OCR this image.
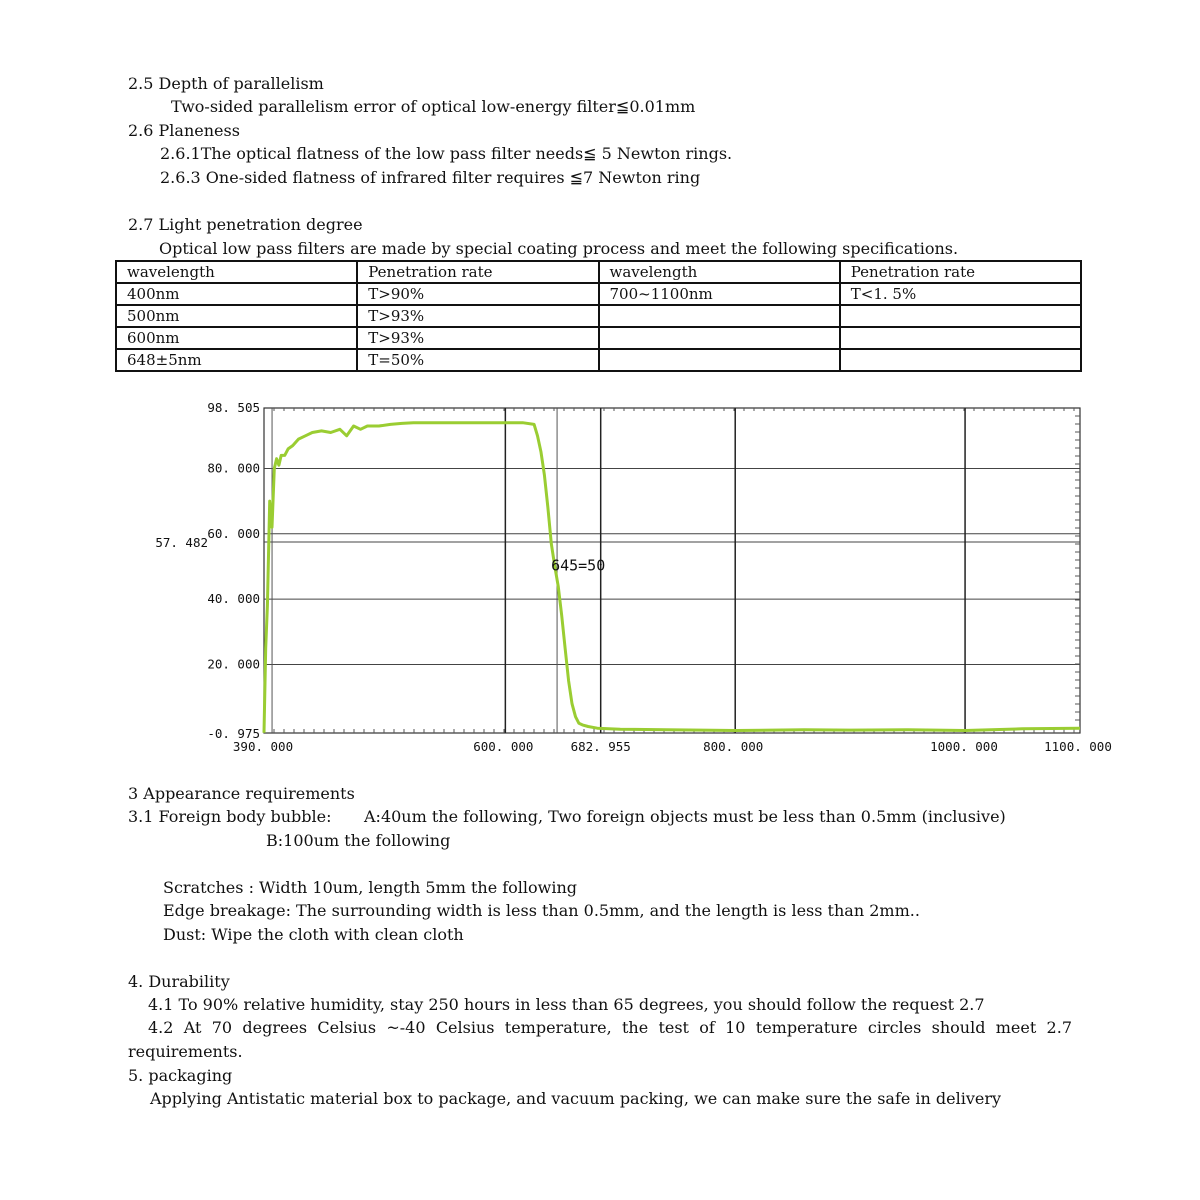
2.5 Depth of parallelism
Two-sided parallelism error of optical low-energy filter≦0.01mm
2.6 Planeness
2.6.1The optical flatness of the low pass filter needs≦ 5 Newton rings.
2.6.3 One-sided flatness of infrared filter requires ≦7 Newton ring
2.7 Light penetration degree
Optical low pass filters are made by special coating process and meet the following specifications.
wavelength	Penetration rate	wavelength	Penetration rate
400nm	T>90%	700~1100nm	T<1. 5%
500nm	T>93%		
600nm	T>93%		
648±5nm	T=50%		
98. 505
80. 000
60. 000
40. 000
20. 000
-0. 975
57. 482
390. 000	600. 000	682. 955	800. 000	1000. 000	1100. 000
645=50
3 Appearance requirements
3.1 Foreign body bubble: A:40um the following, Two foreign objects must be less than 0.5mm (inclusive)
B:100um the following
Scratches : Width 10um, length 5mm the following
Edge breakage: The surrounding width is less than 0.5mm, and the length is less than 2mm..
Dust: Wipe the cloth with clean cloth
4. Durability
4.1 To 90% relative humidity, stay 250 hours in less than 65 degrees, you should follow the request 2.7
4.2 At 70 degrees Celsius ~-40 Celsius temperature, the test of 10 temperature circles should meet 2.7
requirements.
5. packaging
Applying Antistatic material box to package, and vacuum packing, we can make sure the safe in delivery
